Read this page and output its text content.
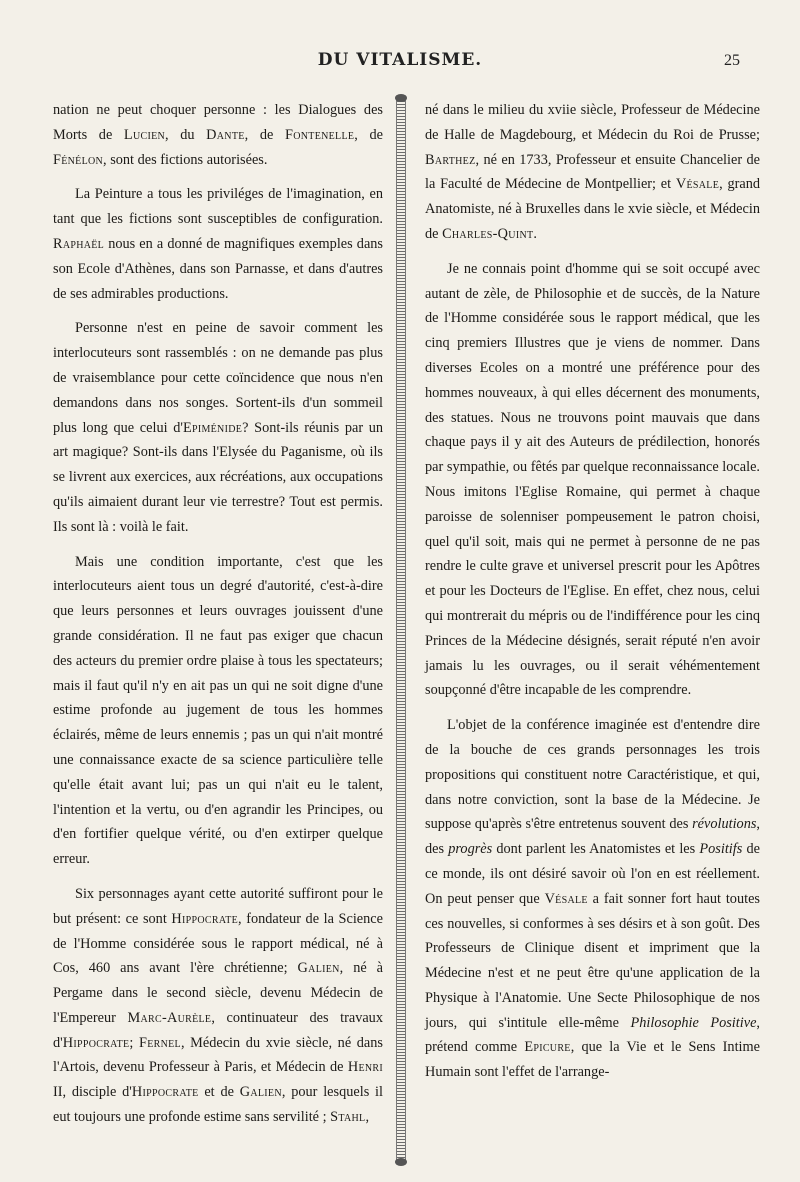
DU VITALISME.	25

nation ne peut choquer personne : les Dialogues des Morts de Lucien, du Dante, de Fontenelle, de Fénélon, sont des fictions autorisées.

La Peinture a tous les priviléges de l'imagination, en tant que les fictions sont susceptibles de configuration. Raphaël nous en a donné de magnifiques exemples dans son Ecole d'Athènes, dans son Parnasse, et dans d'autres de ses admirables productions.

Personne n'est en peine de savoir comment les interlocuteurs sont rassemblés : on ne demande pas plus de vraisemblance pour cette coïncidence que nous n'en demandons dans nos songes. Sortent-ils d'un sommeil plus long que celui d'Epiménide? Sont-ils réunis par un art magique? Sont-ils dans l'Elysée du Paganisme, où ils se livrent aux exercices, aux récréations, aux occupations qu'ils aimaient durant leur vie terrestre? Tout est permis. Ils sont là : voilà le fait.

Mais une condition importante, c'est que les interlocuteurs aient tous un degré d'autorité, c'est-à-dire que leurs personnes et leurs ouvrages jouissent d'une grande considération. Il ne faut pas exiger que chacun des acteurs du premier ordre plaise à tous les spectateurs; mais il faut qu'il n'y en ait pas un qui ne soit digne d'une estime profonde au jugement de tous les hommes éclairés, même de leurs ennemis ; pas un qui n'ait montré une connaissance exacte de sa science particulière telle qu'elle était avant lui; pas un qui n'ait eu le talent, l'intention et la vertu, ou d'en agrandir les Principes, ou d'en fortifier quelque vérité, ou d'en extirper quelque erreur.

Six personnages ayant cette autorité suffiront pour le but présent: ce sont Hippocrate, fondateur de la Science de l'Homme considérée sous le rapport médical, né à Cos, 460 ans avant l'ère chrétienne; Galien, né à Pergame dans le second siècle, devenu Médecin de l'Empereur Marc-Aurèle, continuateur des travaux d'Hippocrate; Fernel, Médecin du xvie siècle, né dans l'Artois, devenu Professeur à Paris, et Médecin de Henri II, disciple d'Hippocrate et de Galien, pour lesquels il eut toujours une profonde estime sans servilité ; Stahl,

né dans le milieu du xviie siècle, Professeur de Médecine de Halle de Magdebourg, et Médecin du Roi de Prusse; Barthez, né en 1733, Professeur et ensuite Chancelier de la Faculté de Médecine de Montpellier; et Vésale, grand Anatomiste, né à Bruxelles dans le xvie siècle, et Médecin de Charles-Quint.

Je ne connais point d'homme qui se soit occupé avec autant de zèle, de Philosophie et de succès, de la Nature de l'Homme considérée sous le rapport médical, que les cinq premiers Illustres que je viens de nommer. Dans diverses Ecoles on a montré une préférence pour des hommes nouveaux, à qui elles décernent des monuments, des statues. Nous ne trouvons point mauvais que dans chaque pays il y ait des Auteurs de prédilection, honorés par sympathie, ou fêtés par quelque reconnaissance locale. Nous imitons l'Eglise Romaine, qui permet à chaque paroisse de solenniser pompeusement le patron choisi, quel qu'il soit, mais qui ne permet à personne de ne pas rendre le culte grave et universel prescrit pour les Apôtres et pour les Docteurs de l'Eglise. En effet, chez nous, celui qui montrerait du mépris ou de l'indifférence pour les cinq Princes de la Médecine désignés, serait réputé n'en avoir jamais lu les ouvrages, ou il serait véhémentement soupçonné d'être incapable de les comprendre.

L'objet de la conférence imaginée est d'entendre dire de la bouche de ces grands personnages les trois propositions qui constituent notre Caractéristique, et qui, dans notre conviction, sont la base de la Médecine. Je suppose qu'après s'être entretenus souvent des révolutions, des progrès dont parlent les Anatomistes et les Positifs de ce monde, ils ont désiré savoir où l'on en est réellement. On peut penser que Vésale a fait sonner fort haut toutes ces nouvelles, si conformes à ses désirs et à son goût. Des Professeurs de Clinique disent et impriment que la Médecine n'est et ne peut être qu'une application de la Physique à l'Anatomie. Une Secte Philosophique de nos jours, qui s'intitule elle-même Philosophie Positive, prétend comme Epicure, que la Vie et le Sens Intime Humain sont l'effet de l'arrange-
